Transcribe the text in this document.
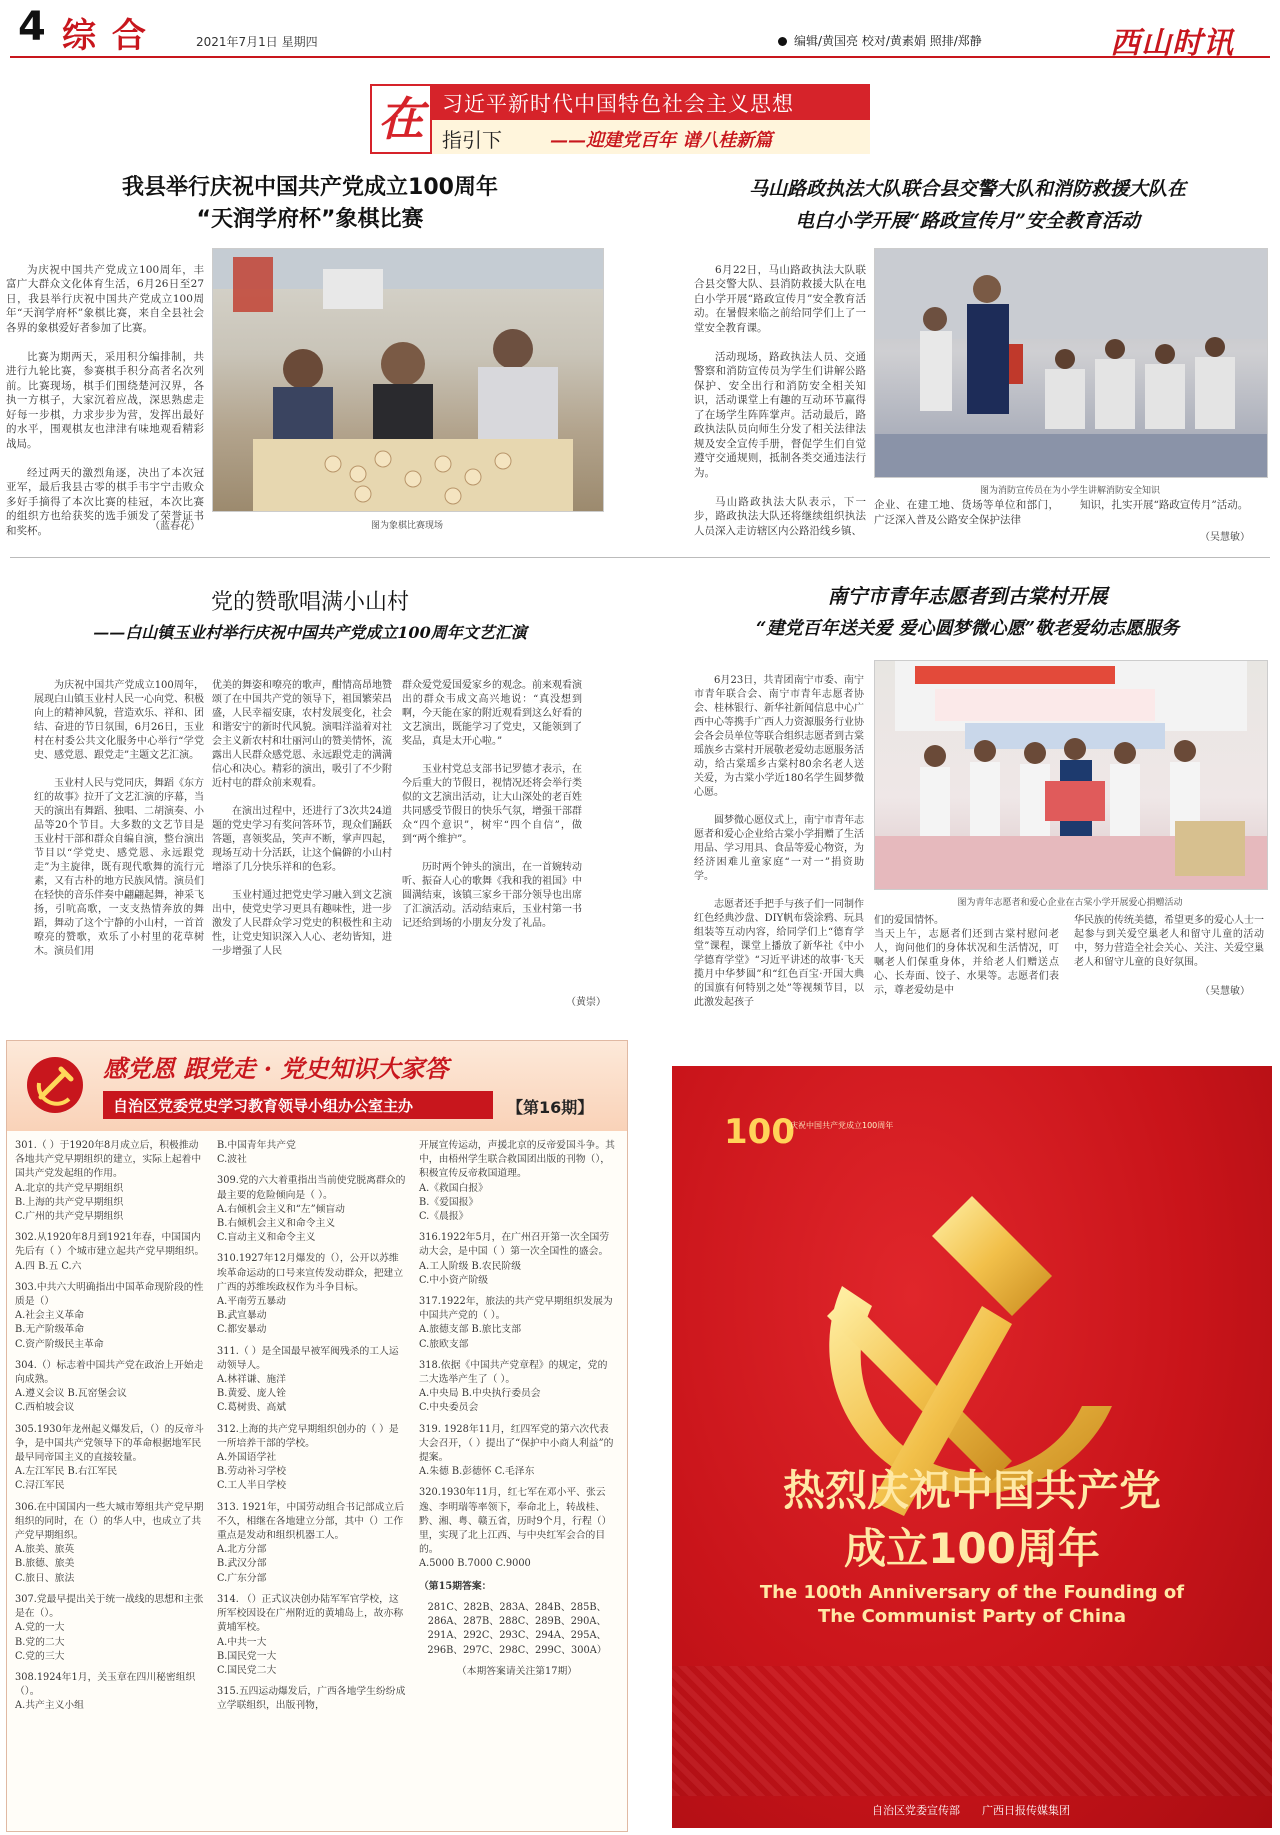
4 综 合	2021年7月1日 星期四	编辑/黄国亮 校对/黄素娟 照排/郑静	西山时讯
在 习近平新时代中国特色社会主义思想
指引下	——迎建党百年 谱八桂新篇
我县举行庆祝中国共产党成立100周年
“天润学府杯”象棋比赛

为庆祝中国共产党成立100周年，丰富广大群众文化体育生活，6月26日至27日，我县举行庆祝中国共产党成立100周年“天润学府杯”象棋比赛，来自全县社会各界的象棋爱好者参加了比赛。

比赛为期两天，采用积分编排制，共进行九轮比赛，参赛棋手积分高者名次列前。比赛现场，棋手们围绕楚河汉界，各执一方棋子，大家沉着应战，深思熟虑走好每一步棋，力求步步为营，发挥出最好的水平，围观棋友也津津有味地观看精彩战局。

经过两天的激烈角逐，决出了本次冠亚军，最后我县古零的棋手韦宇宁击败众多好手摘得了本次比赛的桂冠，本次比赛的组织方也给获奖的选手颁发了荣誉证书和奖杯。	（蓝春花）	图为象棋比赛现场
马山路政执法大队联合县交警大队和消防救援大队在
电白小学开展“路政宣传月”安全教育活动

6月22日，马山路政执法大队联合县交警大队、县消防救援大队在电白小学开展“路政宣传月”安全教育活动。在暑假来临之前给同学们上了一堂安全教育课。

活动现场，路政执法人员、交通警察和消防宣传员为学生们讲解公路保护、安全出行和消防安全相关知识，活动课堂上有趣的互动环节赢得了在场学生阵阵掌声。活动最后，路政执法队员向师生分发了相关法律法规及安全宣传手册，督促学生们自觉遵守交通规则，抵制各类交通违法行为。

马山路政执法大队表示，下一步，路政执法大队还将继续组织执法人员深入走访辖区内公路沿线乡镇、

图为消防宣传员在为小学生讲解消防安全知识
企业、在建工地、货场等单位和部门，广泛深入普及公路安全保护法律
知识，扎实开展“路政宣传月”活动。
（吴慧敏）
党的赞歌唱满小山村
——白山镇玉业村举行庆祝中国共产党成立100周年文艺汇演

为庆祝中国共产党成立100周年，展现白山镇玉业村人民一心向党、积极向上的精神风貌，营造欢乐、祥和、团结、奋进的节日氛围，6月26日，玉业村在村委公共文化服务中心举行“学党史、感党恩、跟党走”主题文艺汇演。

玉业村人民与党同庆，舞蹈《东方红的故事》拉开了文艺汇演的序幕，当天的演出有舞蹈、独唱、二胡演奏、小品等20个节目。大多数的文艺节目是玉业村干部和群众自编自演，整台演出节目以“学党史、感党恩、永远跟党走”为主旋律，既有现代歌舞的流行元素，又有古朴的地方民族风情。演员们在轻快的音乐伴奏中翩翩起舞，神采飞扬，引吭高歌，一支支热情奔放的舞蹈，舞动了这个宁静的小山村，一首首嘹亮的赞歌，欢乐了小村里的花草树木。演员们用

优美的舞姿和嘹亮的歌声，酣情高昂地赞颂了在中国共产党的领导下，祖国繁荣昌盛，人民幸福安康，农村发展变化，社会和谐安宁的新时代风貌。演唱洋溢着对社会主义新农村和壮丽河山的赞美情怀，流露出人民群众感党恩、永远跟党走的满满信心和决心。精彩的演出，吸引了不少附近村屯的群众前来观看。

在演出过程中，还进行了3次共24道题的党史学习有奖问答环节，现众们踊跃答题，喜领奖品，笑声不断，掌声四起，现场互动十分活跃，让这个偏僻的小山村增添了几分快乐祥和的色彩。

玉业村通过把党史学习融入到文艺演出中，使党史学习更具有趣味性，进一步激发了人民群众学习党史的积极性和主动性，让党史知识深入人心、老幼皆知，进一步增强了人民

群众爱党爱国爱家乡的观念。前来观看演出的群众韦成文高兴地说：“真没想到啊，今天能在家的附近观看到这么好看的文艺演出，既能学习了党史，又能领到了奖品，真是太开心啦。”

玉业村党总支部书记罗德才表示，在今后重大的节假日，视情况还将会举行类似的文艺演出活动，让大山深处的老百姓共同感受节假日的快乐气氛，增强干部群众“四个意识”，树牢“四个自信”，做到“两个维护”。

历时两个钟头的演出，在一首婉转动听、振奋人心的歌舞《我和我的祖国》中圆满结束，该镇三家乡干部分领导也出席了汇演活动。活动结束后，玉业村第一书记还给到场的小朋友分发了礼品。

（黄崇）
南宁市青年志愿者到古棠村开展
“建党百年送关爱 爱心圆梦微心愿”敬老爱幼志愿服务

6月23日，共青团南宁市委、南宁市青年联合会、南宁市青年志愿者协会、桂林银行、新华社新闻信息中心广西中心等携手广西人力资源服务行业协会各会员单位等联合组织志愿者到古棠瑶族乡古棠村开展敬老爱幼志愿服务活动，给古棠瑶乡古棠村80余名老人送关爱，为古棠小学近180名学生圆梦微心愿。

圆梦微心愿仪式上，南宁市青年志愿者和爱心企业给古棠小学捐赠了生活用品、学习用具、食品等爱心物资，为经济困难儿童家庭“一对一”捐资助学。

志愿者还手把手与孩子们一同制作红色经典沙盘、DIY帆布袋涂鸦、玩具组装等互动内容，给同学们上“德育学堂”课程，课堂上播放了新华社《中小学德育学堂》“习近平讲述的故事·飞天揽月中华梦圆”和“红色百宝·开国大典的国旗有何特别之处”等视频节目，以此激发起孩子

图为青年志愿者和爱心企业在古棠小学开展爱心捐赠活动
们的爱国情怀。
当天上午，志愿者们还到古棠村慰问老人，询问他们的身体状况和生活情况，叮嘱老人们保重身体，并给老人们赠送点心、长寿面、饺子、水果等。志愿者们表示，尊老爱幼是中
华民族的传统美德，希望更多的爱心人士一起参与到关爱空巢老人和留守儿童的活动中，努力营造全社会关心、关注、关爱空巢老人和留守儿童的良好氛围。
（吴慧敏）
感党恩 跟党走 · 党史知识大家答
自治区党委党史学习教育领导小组办公室主办	【第16期】
301.（ ）于1920年8月成立后，积极推动各地共产党早期组织的建立，实际上起着中国共产党发起组的作用。
A.北京的共产党早期组织
B.上海的共产党早期组织
C.广州的共产党早期组织
302.从1920年8月到1921年春，中国国内先后有（ ）个城市建立起共产党早期组织。
A.四 B.五 C.六
303.中共六大明确指出中国革命现阶段的性质是（）
A.社会主义革命
B.无产阶级革命
C.资产阶级民主革命
304.（）标志着中国共产党在政治上开始走向成熟。
A.遵义会议 B.瓦窑堡会议
C.西柏坡会议
305.1930年龙州起义爆发后，（）的反帝斗争，是中国共产党领导下的革命根据地军民最早同帝国主义的直接较量。
A.左江军民 B.右江军民
C.浔江军民
306.在中国国内一些大城市筹组共产党早期组织的同时，在（）的华人中，也成立了共产党早期组织。
A.旅美、旅英
B.旅德、旅美
C.旅日、旅法
307.党最早提出关于统一战线的思想和主张是在（）。
A.党的一大
B.党的二大
C.党的三大
308.1924年1月，关玉章在四川秘密组织（）。
A.共产主义小组
B.中国青年共产党
C.波社
309.党的六大着重指出当前使党脱离群众的最主要的危险倾向是（ ）。
A.右倾机会主义和“左”倾盲动
B.右倾机会主义和命令主义
C.盲动主义和命令主义
310.1927年12月爆发的（），公开以苏维埃革命运动的口号来宣传发动群众，把建立广西的苏维埃政权作为斗争目标。
A.平南劳五暴动
B.武宣暴动
C.都安暴动
311.（ ）是全国最早被军阀残杀的工人运动领导人。
A.林祥谦、施洋
B.黄爱、庞人铨
C.葛树贵、高斌
312.上海的共产党早期组织创办的（ ）是一所培养干部的学校。
A.外国语学社
B.劳动补习学校
C.工人半日学校
313. 1921年，中国劳动组合书记部成立后不久，相继在各地建立分部，其中（）工作重点是发动和组织机器工人。
A.北方分部
B.武汉分部
C.广东分部
314. （）正式议决创办陆军军官学校，这所军校因设在广州附近的黄埔岛上，故亦称黄埔军校。
A.中共一大
B.国民党一大
C.国民党二大
315.五四运动爆发后，广西各地学生纷纷成立学联组织，出版刊物，
开展宣传运动，声援北京的反帝爱国斗争。其中，由梧州学生联合救国团出版的刊物（），积极宣传反帝救国道理。
A.《救国白报》
B.《爱国报》
C.《晨报》
316.1922年5月，在广州召开第一次全国劳动大会，是中国（ ）第一次全国性的盛会。
A.工人阶级 B.农民阶级
C.中小资产阶级
317.1922年，旅法的共产党早期组织发展为中国共产党的（ ）。
A.旅德支部 B.旅比支部
C.旅欧支部
318.依据《中国共产党章程》的规定，党的二大选举产生了（ ）。
A.中央局 B.中央执行委员会
C.中央委员会
319. 1928年11月，红四军党的第六次代表大会召开，（ ）提出了“保护中小商人利益”的提案。
A.朱德 B.彭德怀 C.毛泽东
320.1930年11月，红七军在邓小平、张云逸、李明瑞等率领下，奉命北上，转战桂、黔、湘、粤、赣五省，历时9个月，行程（）里，实现了北上江西、与中央红军会合的目的。
A.5000 B.7000 C.9000
（第15期答案：
281C、282B、283A、284B、285B、286A、287B、288C、289B、290A、291A、292C、293C、294A、295A、296B、297C、298C、299C、300A）
（本期答案请关注第17期）
100
庆祝中国共产党成立100周年
热烈庆祝中国共产党
成立100周年
The 100th Anniversary of the Founding of
The Communist Party of China
自治区党委宣传部 广西日报传媒集团
